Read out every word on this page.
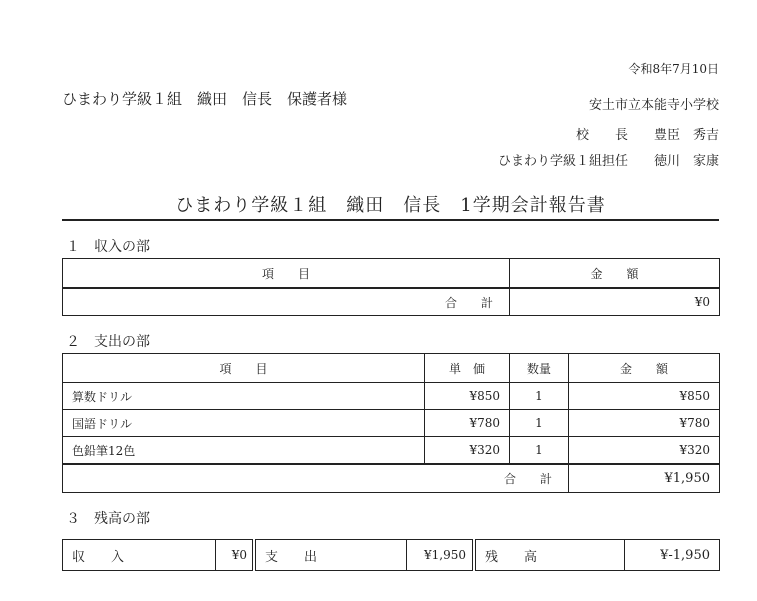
令和8年7月10日
ひまわり学級１組　織田　信長　保護者様	安土市立本能寺小学校
校　　長　　豊臣　秀吉
ひまわり学級１組担任　　徳川　家康
ひまわり学級１組　織田　信長　1学期会計報告書
１　収入の部
項　　目	金　　額
合　　計	¥0
２　支出の部
項　　目	単　価	数量	金　　額
算数ドリル	¥850	1	¥850
国語ドリル	¥780	1	¥780
色鉛筆12色	¥320	1	¥320
合　　計			¥1,950
３　残高の部
収　　入	¥0		支　　出	¥1,950		残　　高	¥-1,950
